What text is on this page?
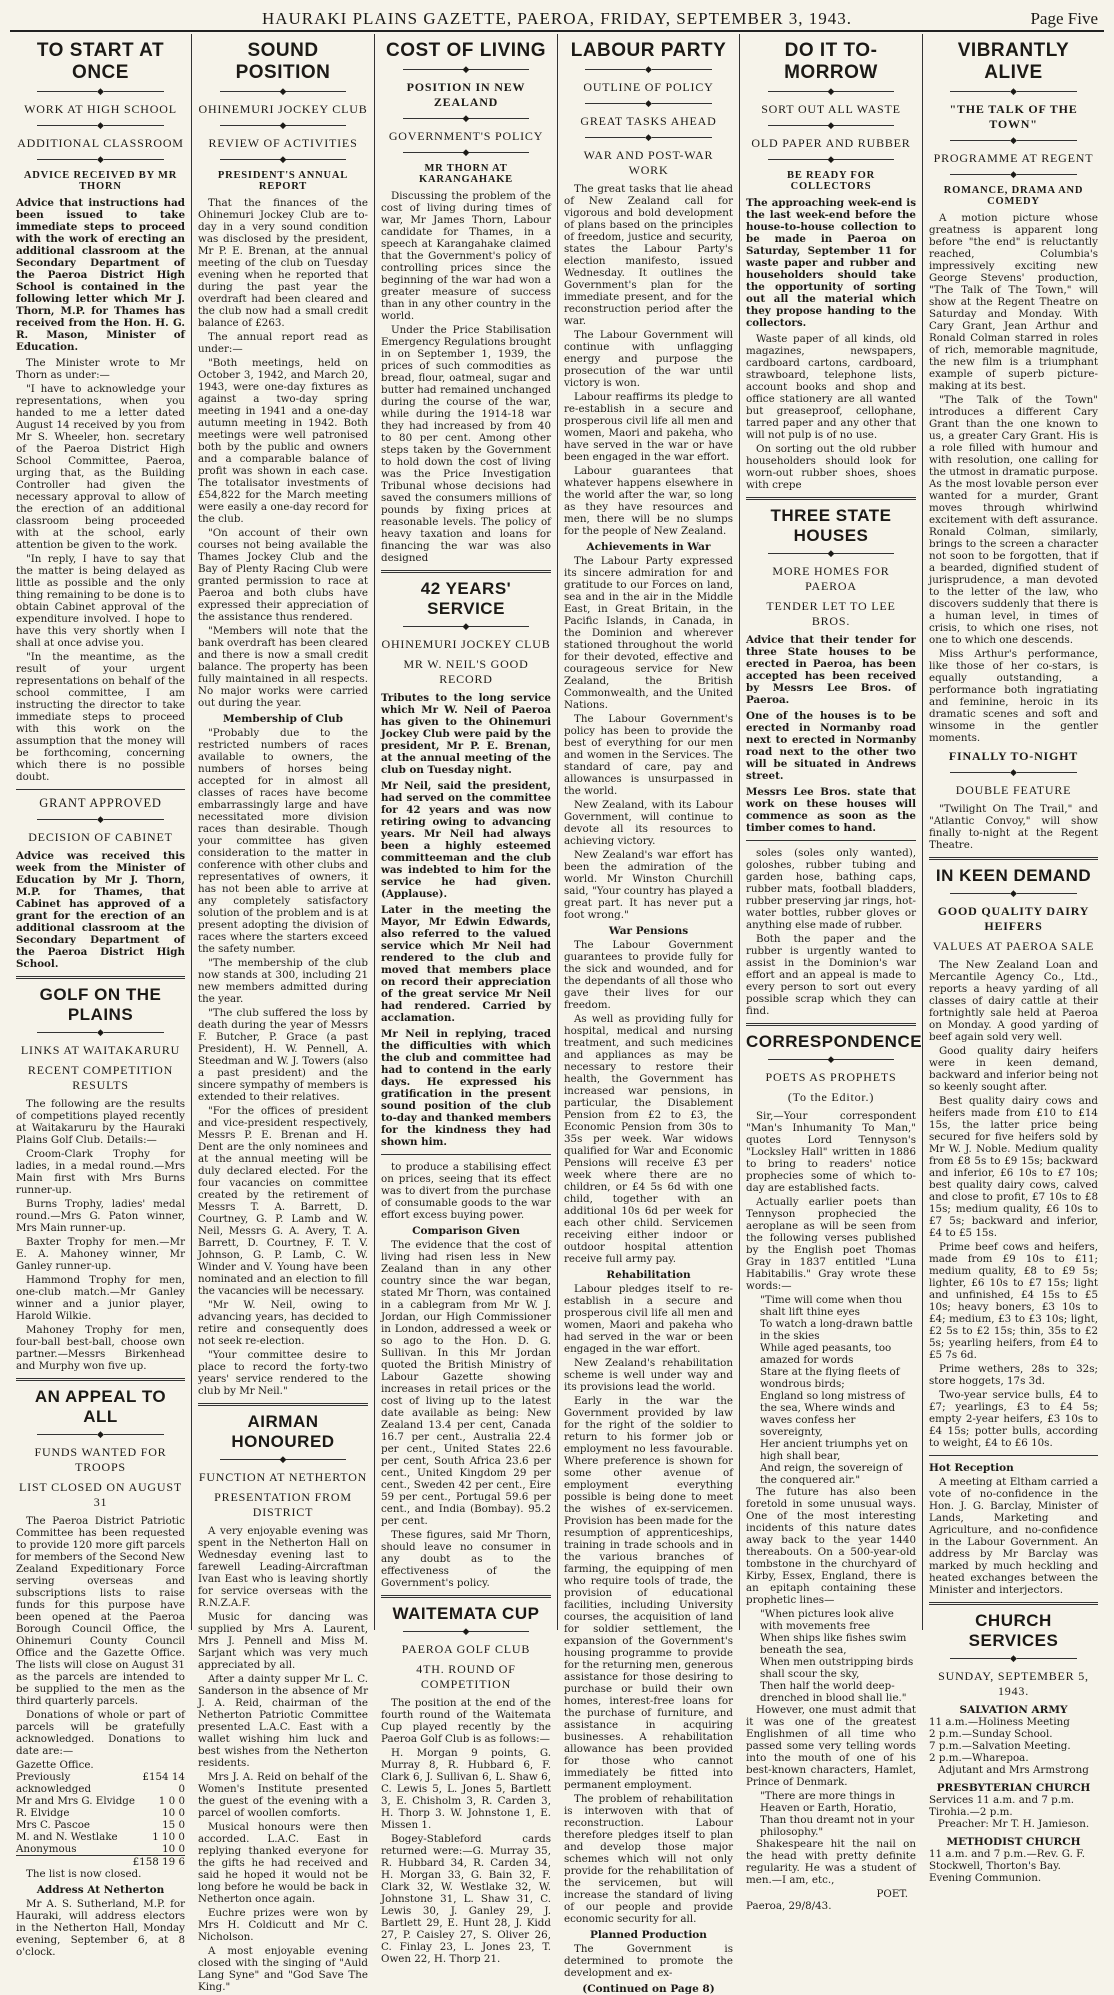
HAURAKI PLAINS GAZETTE, PAEROA, FRIDAY, SEPTEMBER 3, 1943.	Page Five
TO START AT ONCE
◆
WORK AT HIGH SCHOOL
◆
ADDITIONAL CLASSROOM
◆
ADVICE RECEIVED BY MR THORN
Advice that instructions had been issued to take immediate steps to proceed with the work of erecting an additional classroom at the Secondary Department of the Paeroa District High School is contained in the following letter which Mr J. Thorn, M.P. for Thames has received from the Hon. H. G. R. Mason, Minister of Education.

The Minister wrote to Mr Thorn as under:—

"I have to acknowledge your representations, when you handed to me a letter dated August 14 received by you from Mr S. Wheeler, hon. secretary of the Paeroa District High School Committee, Paeroa, urging that, as the Building Controller had given the necessary approval to allow of the erection of an additional classroom being proceeded with at the school, early attention be given to the work.

"In reply, I have to say that the matter is being delayed as little as possible and the only thing remaining to be done is to obtain Cabinet approval of the expenditure involved. I hope to have this very shortly when I shall at once advise you.

"In the meantime, as the result of your urgent representations on behalf of the school committee, I am instructing the director to take immediate steps to proceed with this work on the assumption that the money will be forthcoming, concerning which there is no possible doubt.

GRANT APPROVED
◆
DECISION OF CABINET
Advice was received this week from the Minister of Education by Mr J. Thorn, M.P. for Thames, that Cabinet has approved of a grant for the erection of an additional classroom at the Secondary Department of the Paeroa District High School.
GOLF ON THE PLAINS
◆
LINKS AT WAITAKARURU
RECENT COMPETITION RESULTS

The following are the results of competitions played recently at Waitakaruru by the Hauraki Plains Golf Club. Details:—

Croom-Clark Trophy for ladies, in a medal round.—Mrs Main first with Mrs Burns runner-up.

Burns Trophy, ladies' medal round.—Mrs G. Paton winner, Mrs Main runner-up.

Baxter Trophy for men.—Mr E. A. Mahoney winner, Mr Ganley runner-up.

Hammond Trophy for men, one-club match.—Mr Ganley winner and a junior player, Harold Wilkie.

Mahoney Trophy for men, four-ball best-ball, choose own partner.—Messrs Birkenhead and Murphy won five up.

AN APPEAL TO ALL
◆
FUNDS WANTED FOR TROOPS
LIST CLOSED ON AUGUST 31

The Paeroa District Patriotic Committee has been requested to provide 120 more gift parcels for members of the Second New Zealand Expeditionary Force serving overseas and subscriptions lists to raise funds for this purpose have been opened at the Paeroa Borough Council Office, the Ohinemuri County Council Office and the Gazette Office. The lists will close on August 31 as the parcels are intended to be supplied to the men as the third quarterly parcels.

Donations of whole or part of parcels will be gratefully acknowledged. Donations to date are:—

Gazette Office.
Previously acknowledged	£154 14 0
Mr and Mrs G. Elvidge	1 0 0
R. Elvidge	10 0
Mrs C. Pascoe	15 0
M. and N. Westlake	1 10 0
Anonymous	10 0
£158 19 6

The list is now closed.

Address At Netherton

Mr A. S. Sutherland, M.P. for Hauraki, will address electors in the Netherton Hall, Monday evening, September 6, at 8 o'clock.

SOUND POSITION
◆
OHINEMURI JOCKEY CLUB
◆
REVIEW OF ACTIVITIES
◆
PRESIDENT'S ANNUAL REPORT

That the finances of the Ohinemuri Jockey Club are to-day in a very sound condition was disclosed by the president, Mr P. E. Brenan, at the annual meeting of the club on Tuesday evening when he reported that during the past year the overdraft had been cleared and the club now had a small credit balance of £263.

The annual report read as under:—

"Both meetings, held on October 3, 1942, and March 20, 1943, were one-day fixtures as against a two-day spring meeting in 1941 and a one-day autumn meeting in 1942. Both meetings were well patronised both by the public and owners and a comparable balance of profit was shown in each case. The totalisator investments of £54,822 for the March meeting were easily a one-day record for the club.

"On account of their own courses not being available the Thames Jockey Club and the Bay of Plenty Racing Club were granted permission to race at Paeroa and both clubs have expressed their appreciation of the assistance thus rendered.

"Members will note that the bank overdraft has been cleared and there is now a small credit balance. The property has been fully maintained in all respects. No major works were carried out during the year.

Membership of Club

"Probably due to the restricted numbers of races available to owners, the numbers of horses being accepted for in almost all classes of races have become embarrassingly large and have necessitated more division races than desirable. Though your committee has given consideration to the matter in conference with other clubs and representatives of owners, it has not been able to arrive at any completely satisfactory solution of the problem and is at present adopting the division of races where the starters exceed the safety number.

"The membership of the club now stands at 300, including 21 new members admitted during the year.

"The club suffered the loss by death during the year of Messrs F. Butcher, P. Grace (a past President), H. W. Pennell, A. Steedman and W. J. Towers (also a past president) and the sincere sympathy of members is extended to their relatives.

"For the offices of president and vice-president respectively, Messrs P. E. Brenan and H. Dent are the only nominees and at the annual meeting will be duly declared elected. For the four vacancies on committee created by the retirement of Messrs T. A. Barrett, D. Courtney, G. P. Lamb and W. Neil, Messrs G. A. Avery, T. A. Barrett, D. Courtney, F. T. V. Johnson, G. P. Lamb, C. W. Winder and V. Young have been nominated and an election to fill the vacancies will be necessary.

"Mr W. Neil, owing to advancing years, has decided to retire and consequently does not seek re-election.

"Your committee desire to place to record the forty-two years' service rendered to the club by Mr Neil."

AIRMAN HONOURED
◆
FUNCTION AT NETHERTON
PRESENTATION FROM DISTRICT

A very enjoyable evening was spent in the Netherton Hall on Wednesday evening last to farewell Leading-Aircraftman Ivan East who is leaving shortly for service overseas with the R.N.Z.A.F.

Music for dancing was supplied by Mrs A. Laurent, Mrs J. Pennell and Miss M. Sarjant which was very much appreciated by all.

After a dainty supper Mr L. C. Sanderson in the absence of Mr J. A. Reid, chairman of the Netherton Patriotic Committee presented L.A.C. East with a wallet wishing him luck and best wishes from the Netherton residents.

Mrs J. A. Reid on behalf of the Women's Institute presented the guest of the evening with a parcel of woollen comforts.

Musical honours were then accorded. L.A.C. East in replying thanked everyone for the gifts he had received and said he hoped it would not be long before he would be back in Netherton once again.

Euchre prizes were won by Mrs H. Coldicutt and Mr C. Nicholson.

A most enjoyable evening closed with the singing of "Auld Lang Syne" and "God Save The King."

COST OF LIVING
◆
POSITION IN NEW ZEALAND
◆
GOVERNMENT'S POLICY
◆
MR THORN AT KARANGAHAKE

Discussing the problem of the cost of living during times of war, Mr James Thorn, Labour candidate for Thames, in a speech at Karangahake claimed that the Government's policy of controlling prices since the beginning of the war had won a greater measure of success than in any other country in the world.

Under the Price Stabilisation Emergency Regulations brought in on September 1, 1939, the prices of such commodities as bread, flour, oatmeal, sugar and butter had remained unchanged during the course of the war, while during the 1914-18 war they had increased by from 40 to 80 per cent. Among other steps taken by the Government to hold down the cost of living was the Price Investigation Tribunal whose decisions had saved the consumers millions of pounds by fixing prices at reasonable levels. The policy of heavy taxation and loans for financing the war was also designed

42 YEARS' SERVICE
◆
OHINEMURI JOCKEY CLUB
MR W. NEIL'S GOOD RECORD
Tributes to the long service which Mr W. Neil of Paeroa has given to the Ohinemuri Jockey Club were paid by the president, Mr P. E. Brenan, at the annual meeting of the club on Tuesday night.
Mr Neil, said the president, had served on the committee for 42 years and was now retiring owing to advancing years. Mr Neil had always been a highly esteemed committeeman and the club was indebted to him for the service he had given. (Applause).
Later in the meeting the Mayor, Mr Edwin Edwards, also referred to the valued service which Mr Neil had rendered to the club and moved that members place on record their appreciation of the great service Mr Neil had rendered. Carried by acclamation.
Mr Neil in replying, traced the difficulties with which the club and committee had had to contend in the early days. He expressed his gratification in the present sound position of the club to-day and thanked members for the kindness they had shown him.

to produce a stabilising effect on prices, seeing that its effect was to divert from the purchase of consumable goods to the war effort excess buying power.

Comparison Given

The evidence that the cost of living had risen less in New Zealand than in any other country since the war began, stated Mr Thorn, was contained in a cablegram from Mr W. J. Jordan, our High Commissioner in London, addressed a week or so ago to the Hon. D. G. Sullivan. In this Mr Jordan quoted the British Ministry of Labour Gazette showing increases in retail prices or the cost of living up to the latest date available as being: New Zealand 13.4 per cent, Canada 16.7 per cent., Australia 22.4 per cent., United States 22.6 per cent, South Africa 23.6 per cent., United Kingdom 29 per cent., Sweden 42 per cent., Eire 59 per cent., Portugal 59.6 per cent., and India (Bombay). 95.2 per cent.

These figures, said Mr Thorn, should leave no consumer in any doubt as to the effectiveness of the Government's policy.

WAITEMATA CUP
◆
PAEROA GOLF CLUB
4TH. ROUND OF COMPETITION

The position at the end of the fourth round of the Waitemata Cup played recently by the Paeroa Golf Club is as follows:—

H. Morgan 9 points, G. Murray 8, R. Hubbard 6, F. Clark 6, J. Sullivan 6, L. Shaw 6, C. Lewis 5, L. Jones 5, Bartlett 3, E. Chisholm 3, R. Carden 3, H. Thorp 3. W. Johnstone 1, E. Missen 1.

Bogey-Stableford cards returned were:—G. Murray 35, R. Hubbard 34, R. Carden 34, H. Morgan 33, G. Bain 32, F. Clark 32, W. Westlake 32, W. Johnstone 31, L. Shaw 31, C. Lewis 30, J. Ganley 29, J. Bartlett 29, E. Hunt 28, J. Kidd 27, P. Caisley 27, S. Oliver 26, C. Finlay 23, L. Jones 23, T. Owen 22, H. Thorp 21.

LABOUR PARTY
◆
OUTLINE OF POLICY
◆
GREAT TASKS AHEAD
◆
WAR AND POST-WAR WORK

The great tasks that lie ahead of New Zealand call for vigorous and bold development of plans based on the principles of freedom, justice and security, states the Labour Party's election manifesto, issued Wednesday. It outlines the Government's plan for the immediate present, and for the reconstruction period after the war.

The Labour Government will continue with unflagging energy and purpose the prosecution of the war until victory is won.

Labour reaffirms its pledge to re-establish in a secure and prosperous civil life all men and women, Maori and pakeha, who have served in the war or have been engaged in the war effort.

Labour guarantees that whatever happens elsewhere in the world after the war, so long as they have resources and men, there will be no slumps for the people of New Zealand.

Achievements in War

The Labour Party expressed its sincere admiration for and gratitude to our Forces on land, sea and in the air in the Middle East, in Great Britain, in the Pacific Islands, in Canada, in the Dominion and wherever stationed throughout the world for their devoted, effective and courageous service for New Zealand, the British Commonwealth, and the United Nations.

The Labour Government's policy has been to provide the best of everything for our men and women in the Services. The standard of care, pay and allowances is unsurpassed in the world.

New Zealand, with its Labour Government, will continue to devote all its resources to achieving victory.

New Zealand's war effort has been the admiration of the world. Mr Winston Churchill said, "Your country has played a great part. It has never put a foot wrong."

War Pensions

The Labour Government guarantees to provide fully for the sick and wounded, and for the dependants of all those who gave their lives for our freedom.

As well as providing fully for hospital, medical and nursing treatment, and such medicines and appliances as may be necessary to restore their health, the Government has increased war pensions, in particular, the Disablement Pension from £2 to £3, the Economic Pension from 30s to 35s per week. War widows qualified for War and Economic Pensions will receive £3 per week where there are no children, or £4 5s 6d with one child, together with an additional 10s 6d per week for each other child. Servicemen receiving either indoor or outdoor hospital attention receive full army pay.

Rehabilitation

Labour pledges itself to re-establish in a secure and prosperous civil life all men and women, Maori and pakeha who had served in the war or been engaged in the war effort.

New Zealand's rehabilitation scheme is well under way and its provisions lead the world.

Early in the war the Government provided by law for the right of the soldier to return to his former job or employment no less favourable. Where preference is shown for some other avenue of employment everything possible is being done to meet the wishes of ex-servicemen. Provision has been made for the resumption of apprenticeships, training in trade schools and in the various branches of farming, the equipping of men who require tools of trade, the provision of educational facilities, including University courses, the acquisition of land for soldier settlement, the expansion of the Government's housing programme to provide for the returning men, generous assistance for those desiring to purchase or build their own homes, interest-free loans for the purchase of furniture, and assistance in acquiring businesses. A rehabilitation allowance has been provided for those who cannot immediately be fitted into permanent employment.

The problem of rehabilitation is interwoven with that of reconstruction. Labour therefore pledges itself to plan and develop those major schemes which will not only provide for the rehabilitation of the servicemen, but will increase the standard of living of our people and provide economic security for all.

Planned Production

The Government is determined to promote the development and ex-

(Continued on Page 8)
DO IT TO-MORROW
◆
SORT OUT ALL WASTE
◆
OLD PAPER AND RUBBER
◆
BE READY FOR COLLECTORS
The approaching week-end is the last week-end before the house-to-house collection to be made in Paeroa on Saturday, September 11 for waste paper and rubber and householders should take the opportunity of sorting out all the material which they propose handing to the collectors.

Waste paper of all kinds, old magazines, newspapers, cardboard cartons, cardboard, strawboard, telephone lists, account books and shop and office stationery are all wanted but greaseproof, cellophane, tarred paper and any other that will not pulp is of no use.

On sorting out the old rubber householders should look for worn-out rubber shoes, shoes with crepe

THREE STATE HOUSES
◆
MORE HOMES FOR PAEROA
TENDER LET TO LEE BROS.
Advice that their tender for three State houses to be erected in Paeroa, has been accepted has been received by Messrs Lee Bros. of Paeroa.
One of the houses is to be erected in Normanby road next to erected in Normanby road next to the other two will be situated in Andrews street.
Messrs Lee Bros. state that work on these houses will commence as soon as the timber comes to hand.

soles (soles only wanted), goloshes, rubber tubing and garden hose, bathing caps, rubber mats, football bladders, rubber preserving jar rings, hot-water bottles, rubber gloves or anything else made of rubber.

Both the paper and the rubber is urgently wanted to assist in the Dominion's war effort and an appeal is made to every person to sort out every possible scrap which they can find.

CORRESPONDENCE
◆
POETS AS PROPHETS
(To the Editor.)

Sir,—Your correspondent "Man's Inhumanity To Man," quotes Lord Tennyson's "Locksley Hall" written in 1886 to bring to readers' notice prophecies some of which to-day are established facts.

Actually earlier poets than Tennyson prophecied the aeroplane as will be seen from the following verses published by the English poet Thomas Gray in 1837 entitled "Luna Habitabilis." Gray wrote these words:—

"Time will come when thou shalt lift thine eyes
To watch a long-drawn battle in the skies
While aged peasants, too amazed for words
Stare at the flying fleets of wondrous birds;
England so long mistress of the sea, Where winds and waves confess her sovereignty,
Her ancient triumphs yet on high shall bear,
And reign, the sovereign of the conquered air."

The future has also been foretold in some unusual ways. One of the most interesting incidents of this nature dates away back to the year 1440 thereabouts. On a 500-year-old tombstone in the churchyard of Kirby, Essex, England, there is an epitaph containing these prophetic lines—

"When pictures look alive with movements free
When ships like fishes swim beneath the sea,
When men outstripping birds shall scour the sky,
Then half the world deep-drenched in blood shall lie."

However, one must admit that it was one of the greatest Englishmen of all time who passed some very telling words into the mouth of one of his best-known characters, Hamlet, Prince of Denmark.

"There are more things in Heaven or Earth, Horatio,
Than thou dreamt not in your philosophy."

Shakespeare hit the nail on the head with pretty definite regularity. He was a student of men.—I am, etc.,

POET.
Paeroa, 29/8/43.
VIBRANTLY ALIVE
◆
"THE TALK OF THE TOWN"
◆
PROGRAMME AT REGENT
◆
ROMANCE, DRAMA AND COMEDY

A motion picture whose greatness is apparent long before "the end" is reluctantly reached, Columbia's impressively exciting new George Stevens' production, "The Talk of The Town," will show at the Regent Theatre on Saturday and Monday. With Cary Grant, Jean Arthur and Ronald Colman starred in roles of rich, memorable magnitude, the new film is a triumphant example of superb picture-making at its best.

"The Talk of the Town" introduces a different Cary Grant than the one known to us, a greater Cary Grant. His is a role filled with humour and with resolution, one calling for the utmost in dramatic purpose. As the most lovable person ever wanted for a murder, Grant moves through whirlwind excitement with deft assurance. Ronald Colman, similarly, brings to the screen a character not soon to be forgotten, that if a bearded, dignified student of jurisprudence, a man devoted to the letter of the law, who discovers suddenly that there is a human level, in times of crisis, to which one rises, not one to which one descends.

Miss Arthur's performance, like those of her co-stars, is equally outstanding, a performance both ingratiating and feminine, heroic in its dramatic scenes and soft and winsome in the gentler moments.

FINALLY TO-NIGHT
◆
DOUBLE FEATURE

"Twilight On The Trail," and "Atlantic Convoy," will show finally to-night at the Regent Theatre.

IN KEEN DEMAND
◆
GOOD QUALITY DAIRY HEIFERS
VALUES AT PAEROA SALE

The New Zealand Loan and Mercantile Agency Co., Ltd., reports a heavy yarding of all classes of dairy cattle at their fortnightly sale held at Paeroa on Monday. A good yarding of beef again sold very well.

Good quality dairy heifers were in keen demand, backward and inferior being not so keenly sought after.

Best quality dairy cows and heifers made from £10 to £14 15s, the latter price being secured for five heifers sold by Mr W. J. Noble. Medium quality from £8 5s to £9 15s; backward and inferior, £6 10s to £7 10s; best quality dairy cows, calved and close to profit, £7 10s to £8 15s; medium quality, £6 10s to £7 5s; backward and inferior, £4 to £5 15s.

Prime beef cows and heifers, made from £9 10s to £11; medium quality, £8 to £9 5s; lighter, £6 10s to £7 15s; light and unfinished, £4 15s to £5 10s; heavy boners, £3 10s to £4; medium, £3 to £3 10s; light, £2 5s to £2 15s; thin, 35s to £2 5s; yearling heifers, from £4 to £5 7s 6d.

Prime wethers, 28s to 32s; store hoggets, 17s 3d.

Two-year service bulls, £4 to £7; yearlings, £3 to £4 5s; empty 2-year heifers, £3 10s to £4 15s; potter bulls, according to weight, £4 to £6 10s.

Hot Reception

A meeting at Eltham carried a vote of no-confidence in the Hon. J. G. Barclay, Minister of Lands, Marketing and Agriculture, and no-confidence in the Labour Government. An address by Mr Barclay was marked by much heckling and heated exchanges between the Minister and interjectors.

CHURCH SERVICES
◆
SUNDAY, SEPTEMBER 5, 1943.
SALVATION ARMY
11 a.m.—Holiness Meeting
2 p.m.—Sunday School.
7 p.m.—Salvation Meeting.
2 p.m.—Wharepoa.
Adjutant and Mrs Armstrong
PRESBYTERIAN CHURCH
Services 11 a.m. and 7 p.m.
Tirohia.—2 p.m.
Preacher: Mr T. H. Jamieson.
METHODIST CHURCH
11 a.m. and 7 p.m.—Rev. G. F. Stockwell, Thorton's Bay.
Evening Communion.
